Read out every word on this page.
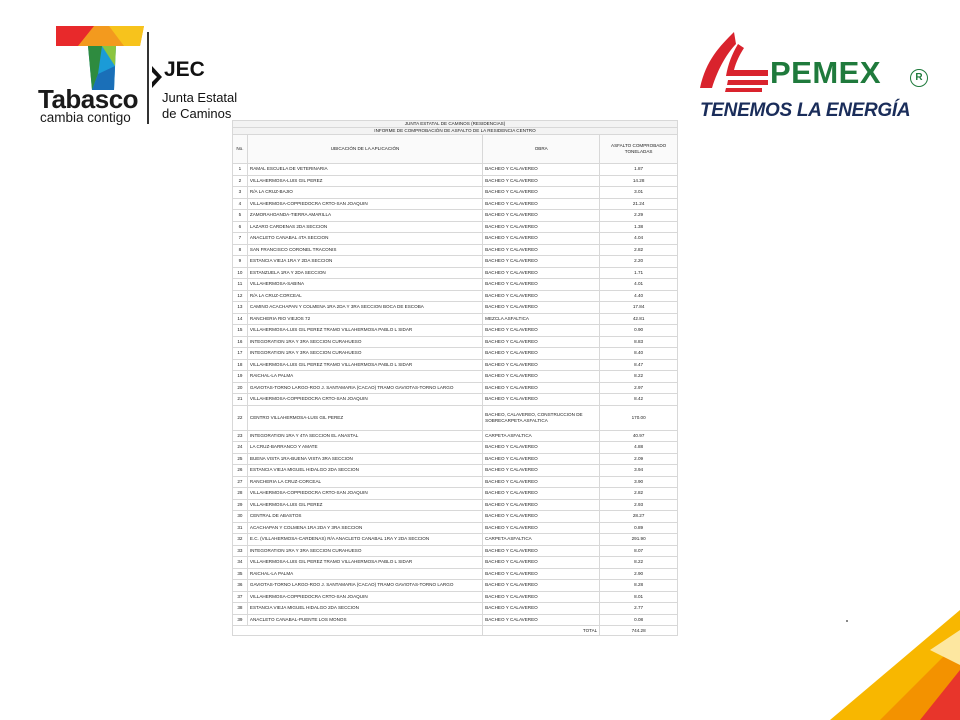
Tabasco
cambia contigo
JEC
Junta Estatal
de Caminos
PEMEX	R
TENEMOS LA ENERGÍA
JUNTA ESTATAL DE CAMINOS (RESIDENCIAS)			
INFORME DE COMPROBACIÓN DE ASFALTO DE LA RESIDENCIA CENTRO			
No.	UBICACIÓN DE LA APLICACIÓN	OBRA	ASFALTO COMPROBADO TONELADAS
1	RAMAL ESCUELA DE VETERINARIA	BACHEO Y CALAVEREO	1.87
2	VILLAHERMOSA-LUIS GIL PEREZ	BACHEO Y CALAVEREO	14.28
3	R/A LA CRUZ-BAJIO	BACHEO Y CALAVEREO	3.01
4	VILLAHERMOSA-COPPIEDOCRA CRTO-SAN JOAQUIN	BACHEO Y CALAVEREO	21.24
5	ZAMORAHOANDA-TIERRA AMARILLA	BACHEO Y CALAVEREO	2.29
6	LAZARO CARDENAS 2DA SECCION	BACHEO Y CALAVEREO	1.38
7	ANACLETO CANABAL 4TA SECCION	BACHEO Y CALAVEREO	4.04
8	SAN FRANCISCO CORONEL TRACONIS	BACHEO Y CALAVEREO	2.82
9	ESTANCIA VIEJA 1RA Y 2DA SECCION	BACHEO Y CALAVEREO	2.20
10	ESTANZUELA 1RA Y 2DA SECCION	BACHEO Y CALAVEREO	1.71
11	VILLAHERMOSA-SABINA	BACHEO Y CALAVEREO	4.01
12	R/A LA CRUZ-CORCEAL	BACHEO Y CALAVEREO	4.40
13	CAMINO ACACHAPAN Y COLMENA 1RA 2DA Y 3RA SECCION BOCA DE ESCOBA	BACHEO Y CALAVEREO	17.84
14	RANCHERIA RIO VIEJOS 72	MEZCLA ASFALTICA	42.81
15	VILLAHERMOSA-LUIS GIL PEREZ TRAMO VILLAHERMOSA PABLO L SIDAR	BACHEO Y CALAVEREO	0.90
16	INTEGORATION 1RA Y 3RA SECCION CURAHUESO	BACHEO Y CALAVEREO	8.83
17	INTEGORATION 1RA Y 3RA SECCION CURAHUESO	BACHEO Y CALAVEREO	8.40
18	VILLAHERMOSA-LUIS GIL PEREZ TRAMO VILLAHERMOSA PABLO L SIDAR	BACHEO Y CALAVEREO	8.47
19	RAICHAL-LA PALMA	BACHEO Y CALAVEREO	8.22
20	GAVIOTAS-TORNO LARGO-ROO J. SANTAMARIA (CACAO) TRAMO GAVIOTAS-TORNO LARGO	BACHEO Y CALAVEREO	2.97
21	VILLAHERMOSA-COPPIEDOCRA CRTO-SAN JOAQUIN	BACHEO Y CALAVEREO	8.42
22	CENTRO VILLAHERMOSA-LUIS GIL PEREZ	BACHEO, CALAVEREO, CONSTRUCCION DE SOBRECARPETA ASFALTICA	170.00
23	INTEGORATION 1RA Y 4TA SECCION EL ANASTAL	CARPETA ASFALTICA	40.97
24	LA CRUZ-BARRANCO Y AMATE	BACHEO Y CALAVEREO	4.88
25	BUENA VISTA 1RA-BUENA VISTA 3RA SECCION	BACHEO Y CALAVEREO	2.09
26	ESTANCIA VIEJA MIGUEL HIDALGO 2DA SECCION	BACHEO Y CALAVEREO	3.94
27	RANCHERIA LA CRUZ-CORCEAL	BACHEO Y CALAVEREO	3.90
28	VILLAHERMOSA-COPPIEDOCRA CRTO-SAN JOAQUIN	BACHEO Y CALAVEREO	2.82
29	VILLAHERMOSA-LUIS GIL PEREZ	BACHEO Y CALAVEREO	2.93
30	CENTRAL DE ABASTOS	BACHEO Y CALAVEREO	28.27
31	ACACHAPAN Y COLMENA 1RA 2DA Y 3RA SECCION	BACHEO Y CALAVEREO	0.89
32	E.C. (VILLAHERMOSA-CARDENAS) R/A ANACLETO CANABAL 1RA Y 2DA SECCION	CARPETA ASFALTICA	291.90
33	INTEGORATION 1RA Y 3RA SECCION CURAHUESO	BACHEO Y CALAVEREO	8.07
34	VILLAHERMOSA-LUIS GIL PEREZ TRAMO VILLAHERMOSA PABLO L SIDAR	BACHEO Y CALAVEREO	8.22
35	RAICHAL-LA PALMA	BACHEO Y CALAVEREO	2.90
36	GAVIOTAS-TORNO LARGO-ROO J. SANTAMARIA (CACAO) TRAMO GAVIOTAS-TORNO LARGO	BACHEO Y CALAVEREO	8.28
37	VILLAHERMOSA-COPPIEDOCRA CRTO-SAN JOAQUIN	BACHEO Y CALAVEREO	8.01
38	ESTANCIA VIEJA MIGUEL HIDALGO 2DA SECCION	BACHEO Y CALAVEREO	2.77
39	ANACLETO CANABAL-PUENTE LOS MONOS	BACHEO Y CALAVEREO	0.08
		TOTAL	744.28
